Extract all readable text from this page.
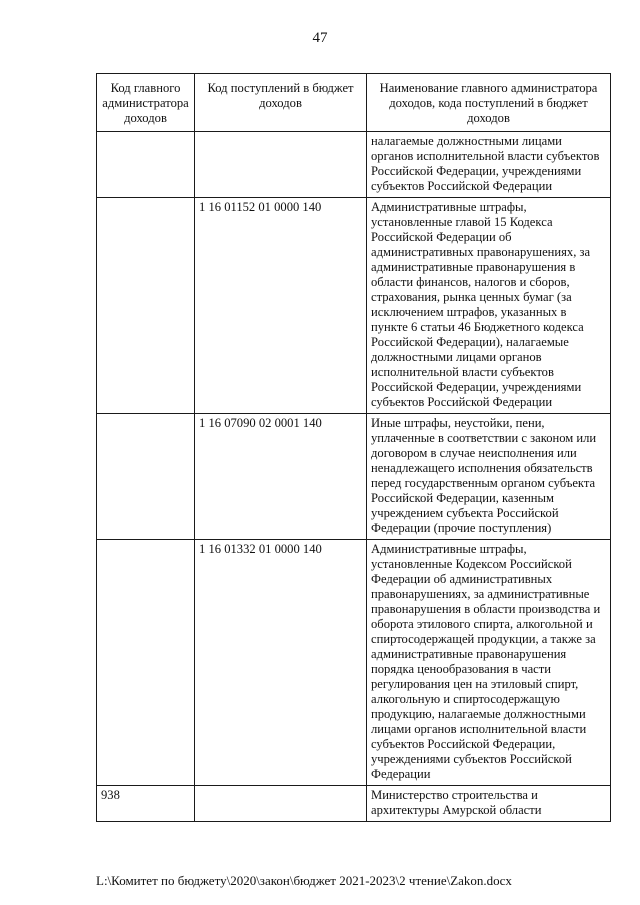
47
Код главного администратора доходов	Код поступлений в бюджет доходов	Наименование главного администратора доходов, кода поступлений в бюджет доходов
		налагаемые должностными лицами органов исполнительной власти субъектов Российской Федерации, учреждениями субъектов Российской Федерации
	1 16 01152 01 0000 140	Административные штрафы, установленные главой 15 Кодекса Российской Федерации об административных правонарушениях, за административные правонарушения в области финансов, налогов и сборов, страхования, рынка ценных бумаг (за исключением штрафов, указанных в пункте 6 статьи 46 Бюджетного кодекса Российской Федерации), налагаемые должностными лицами органов исполнительной власти субъектов Российской Федерации, учреждениями субъектов Российской Федерации
	1 16 07090 02 0001 140	Иные штрафы, неустойки, пени, уплаченные в соответствии с законом или договором в случае неисполнения или ненадлежащего исполнения обязательств перед государственным органом субъекта Российской Федерации, казенным учреждением субъекта Российской Федерации (прочие поступления)
	1 16 01332 01 0000 140	Административные штрафы, установленные Кодексом Российской Федерации об административных правонарушениях, за административные правонарушения в области производства и оборота этилового спирта, алкогольной и спиртосодержащей продукции, а также за административные правонарушения порядка ценообразования в части регулирования цен на этиловый спирт, алкогольную и спиртосодержащую продукцию, налагаемые должностными лицами органов исполнительной власти субъектов Российской Федерации, учреждениями субъектов Российской Федерации
938		Министерство строительства и архитектуры Амурской области
L:\Комитет по бюджету\2020\закон\бюджет 2021-2023\2 чтение\Zakon.docx
